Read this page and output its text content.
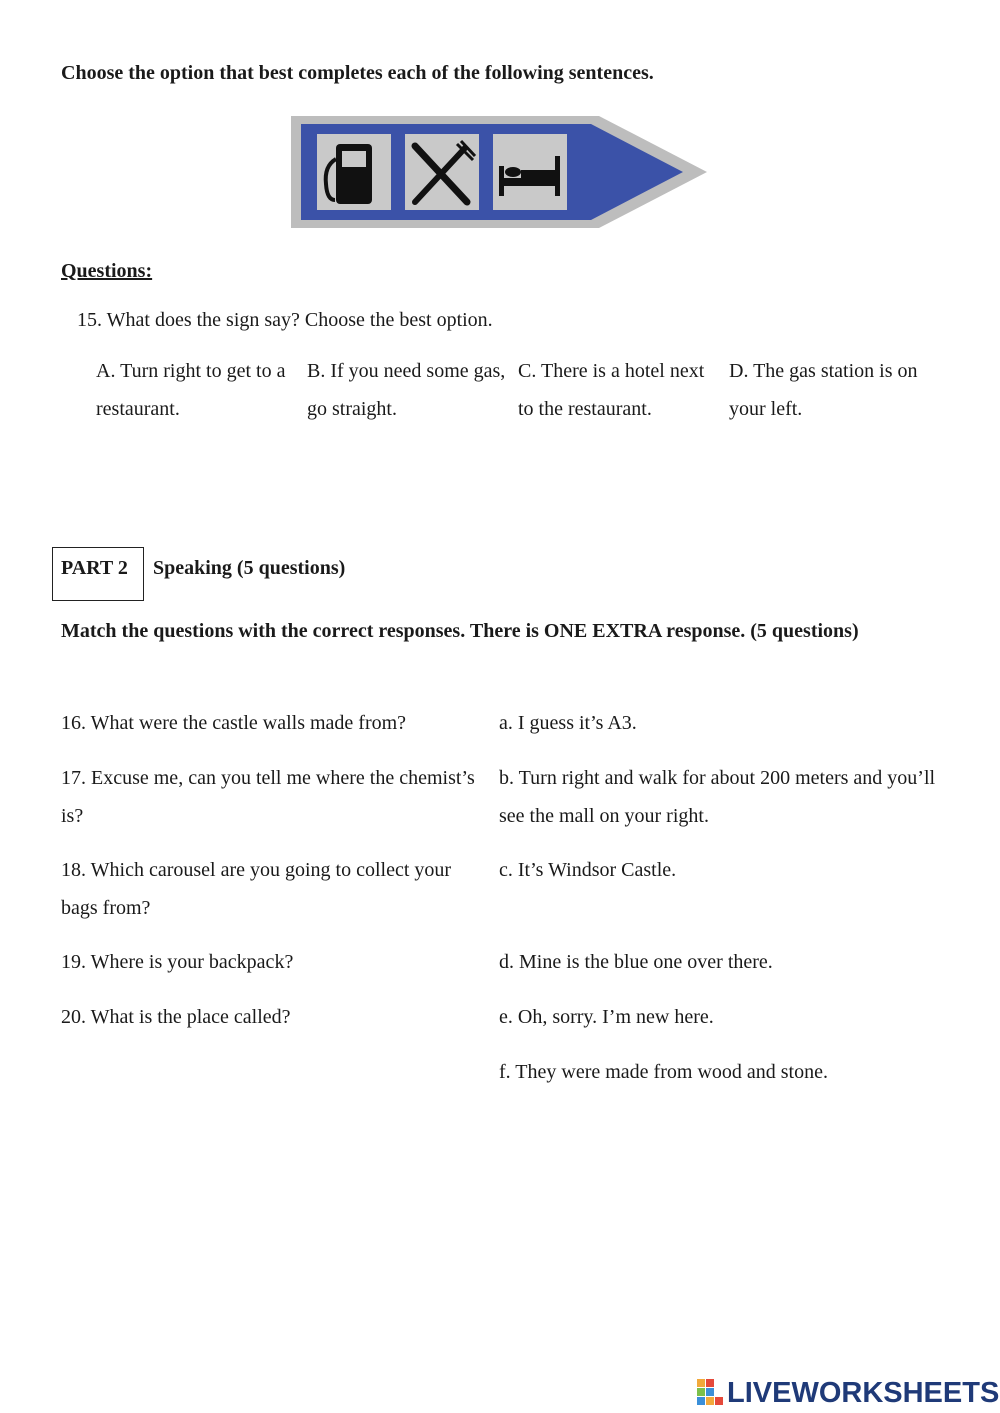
Choose the option that best completes each of the following sentences.
Questions:
15. What does the sign say? Choose the best option.
A. Turn right to get to a restaurant.
B. If you need some gas, go straight.
C. There is a hotel next to the restaurant.
D. The gas station is on your left.
PART 2 Speaking (5 questions)
Match the questions with the correct responses. There is ONE EXTRA response. (5 questions)
16. What were the castle walls made from?
17. Excuse me, can you tell me where the chemist’s is?
18. Which carousel are you going to collect your bags from?
19. Where is your backpack?
20. What is the place called?
a. I guess it’s A3.
b. Turn right and walk for about 200 meters and you’ll see the mall on your right.
c. It’s Windsor Castle.
d. Mine is the blue one over there.
e. Oh, sorry. I’m new here.
f. They were made from wood and stone.
LIVEWORKSHEETS
